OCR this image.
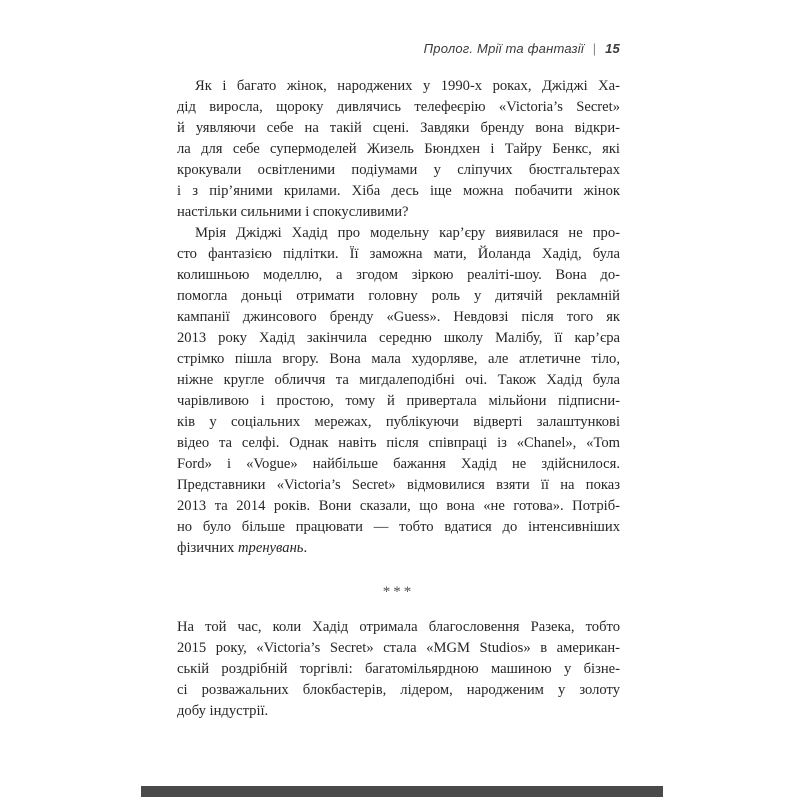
Пролог. Мрії та фантазії | 15
Як і багато жінок, народжених у 1990-х роках, Джіджі Ха-
дід виросла, щороку дивлячись телефеєрію «Victoria’s Secret»
й уявляючи себе на такій сцені. Завдяки бренду вона відкри-
ла для себе супермоделей Жизель Бюндхен і Тайру Бенкс, які
крокували освітленими подіумами у сліпучих бюстгальтерах
і з пір’яними крилами. Хіба десь іще можна побачити жінок
настільки сильними і спокусливими?
Мрія Джіджі Хадід про модельну кар’єру виявилася не про-
сто фантазією підлітки. Її заможна мати, Йоланда Хадід, була
колишньою моделлю, а згодом зіркою реаліті-шоу. Вона до-
помогла доньці отримати головну роль у дитячій рекламній
кампанії джинсового бренду «Guess». Невдовзі після того як
2013 року Хадід закінчила середню школу Малібу, її кар’єра
стрімко пішла вгору. Вона мала худорляве, але атлетичне тіло,
ніжне кругле обличчя та мигдалеподібні очі. Також Хадід була
чарівливою і простою, тому й привертала мільйони підписни-
ків у соціальних мережах, публікуючи відверті залаштункові
відео та селфі. Однак навіть після співпраці із «Chanel», «Tom
Ford» і «Vogue» найбільше бажання Хадід не здійснилося.
Представники «Victoria’s Secret» відмовилися взяти її на показ
2013 та 2014 років. Вони сказали, що вона «не готова». Потріб-
но було більше працювати — тобто вдатися до інтенсивніших
фізичних тренувань.
***
На той час, коли Хадід отримала благословення Разека, тобто
2015 року, «Victoria’s Secret» стала «MGM Studios» в американ-
ській роздрібній торгівлі: багатомільярдною машиною у бізне-
сі розважальних блокбастерів, лідером, народженим у золоту
добу індустрії.
